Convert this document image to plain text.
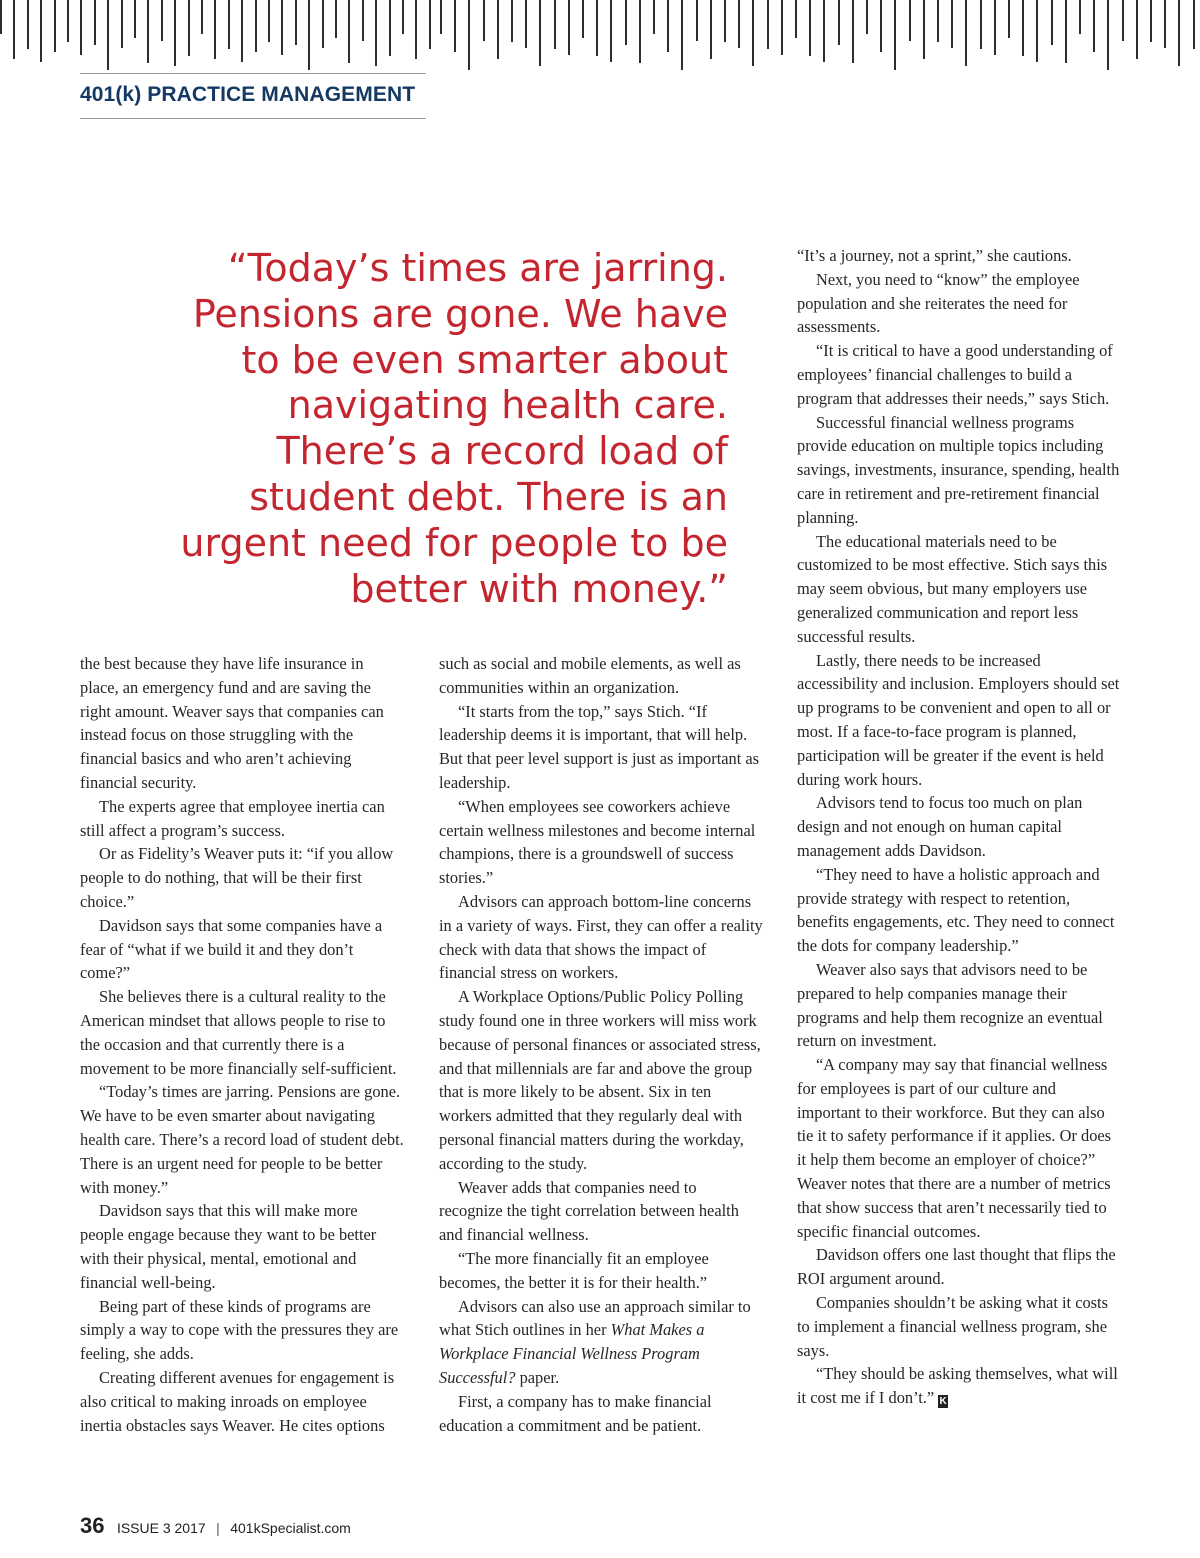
401(k) PRACTICE MANAGEMENT
“Today’s times are jarring.
Pensions are gone. We have
to be even smarter about
navigating health care.
There’s a record load of
student debt. There is an
urgent need for people to be
better with money.”

the best because they have life insurance in place, an emergency fund and are saving the right amount. Weaver says that companies can instead focus on those struggling with the financial basics and who aren’t achieving financial security.

The experts agree that employee inertia can still affect a program’s success.

Or as Fidelity’s Weaver puts it: “if you allow people to do nothing, that will be their first choice.”

Davidson says that some companies have a fear of “what if we build it and they don’t come?”

She believes there is a cultural reality to the American mindset that allows people to rise to the occasion and that currently there is a movement to be more financially self-sufficient.

“Today’s times are jarring. Pensions are gone. We have to be even smarter about navigating health care. There’s a record load of student debt. There is an urgent need for people to be better with money.”

Davidson says that this will make more people engage because they want to be better with their physical, mental, emotional and financial well-being.

Being part of these kinds of programs are simply a way to cope with the pressures they are feeling, she adds.

Creating different avenues for engagement is also critical to making inroads on employee inertia obstacles says Weaver. He cites options

such as social and mobile elements, as well as communities within an organization.

“It starts from the top,” says Stich. “If leadership deems it is important, that will help. But that peer level support is just as important as leadership.

“When employees see coworkers achieve certain wellness milestones and become internal champions, there is a groundswell of success stories.”

Advisors can approach bottom-line concerns in a variety of ways. First, they can offer a reality check with data that shows the impact of financial stress on workers.

A Workplace Options/Public Policy Polling study found one in three workers will miss work because of personal finances or associated stress, and that millennials are far and above the group that is more likely to be absent. Six in ten workers admitted that they regularly deal with personal financial matters during the workday, according to the study.

Weaver adds that companies need to recognize the tight correlation between health and financial wellness.

“The more financially fit an employee becomes, the better it is for their health.”

Advisors can also use an approach similar to what Stich outlines in her What Makes a Workplace Financial Wellness Program Successful? paper.

First, a company has to make financial education a commitment and be patient.

“It’s a journey, not a sprint,” she cautions.

Next, you need to “know” the employee population and she reiterates the need for assessments.

“It is critical to have a good understanding of employees’ financial challenges to build a program that addresses their needs,” says Stich.

Successful financial wellness programs provide education on multiple topics including savings, investments, insurance, spending, health care in retirement and pre-retirement financial planning.

The educational materials need to be customized to be most effective. Stich says this may seem obvious, but many employers use generalized communication and report less successful results.

Lastly, there needs to be increased accessibility and inclusion. Employers should set up programs to be convenient and open to all or most. If a face-to-face program is planned, participation will be greater if the event is held during work hours.

Advisors tend to focus too much on plan design and not enough on human capital management adds Davidson.

“They need to have a holistic approach and provide strategy with respect to retention, benefits engagements, etc. They need to connect the dots for company leadership.”

Weaver also says that advisors need to be prepared to help companies manage their programs and help them recognize an eventual return on investment.

“A company may say that financial wellness for employees is part of our culture and important to their workforce. But they can also tie it to safety performance if it applies. Or does it help them become an employer of choice?” Weaver notes that there are a number of metrics that show success that aren’t necessarily tied to specific financial outcomes.

Davidson offers one last thought that flips the ROI argument around.

Companies shouldn’t be asking what it costs to implement a financial wellness program, she says.

“They should be asking themselves, what will it cost me if I don’t.” K

36 ISSUE 3 2017 | 401kSpecialist.com
